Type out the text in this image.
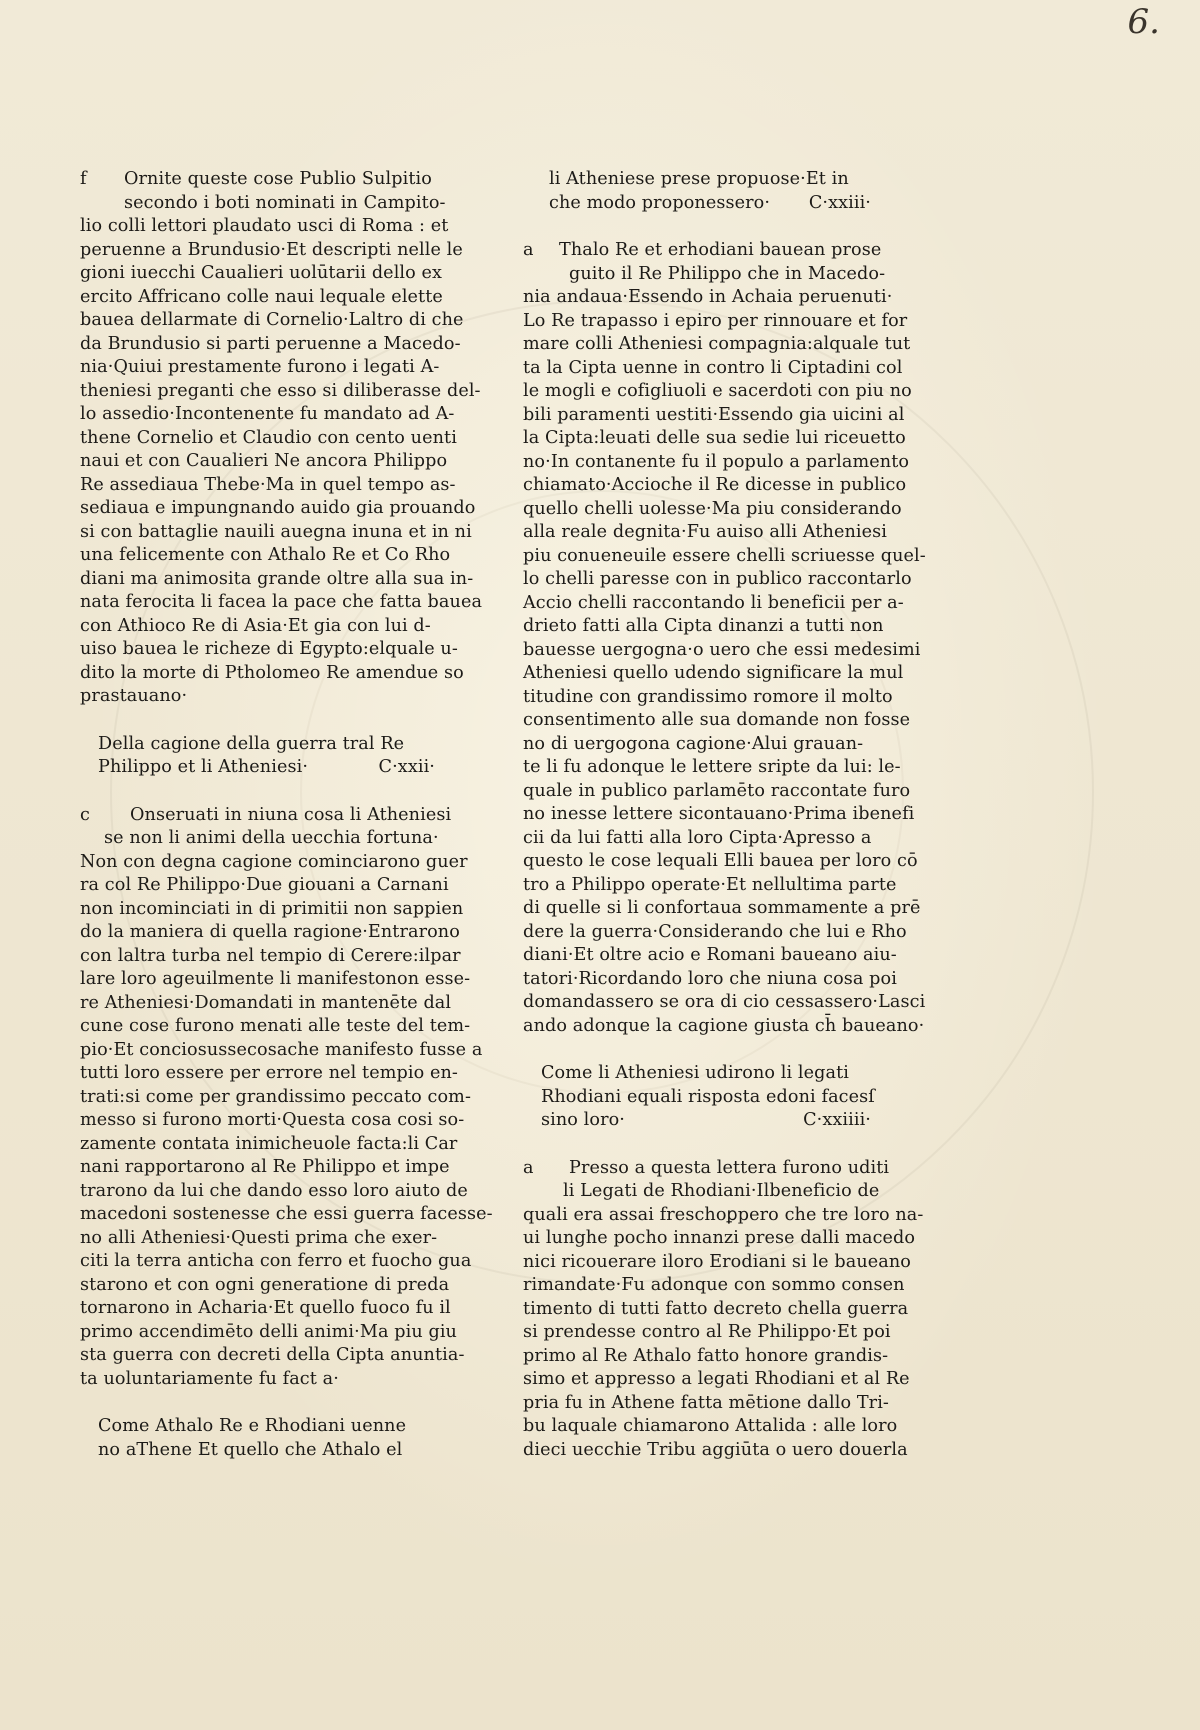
6.
f	Ornite queste cose Publio Sulpitio
secondo i boti nominati in Campito-
lio colli lettori plaudato usci di Roma : et
peruenne a Brundusio·Et descripti nelle le
gioni iuecchi Caualieri uolūtarii dello ex
ercito Affricano colle naui lequale elette
bauea dellarmate di Cornelio·Laltro di che
da Brundusio si parti peruenne a Macedo-
nia·Quiui prestamente furono i legati A-
theniesi preganti che esso si diliberasse del-
lo assedio·Incontenente fu mandato ad A-
thene Cornelio et Claudio con cento uenti
naui et con Caualieri Ne ancora Philippo
Re assediaua Thebe·Ma in quel tempo as-
sediaua e impungnando auido gia prouando
si con battaglie nauili auegna inuna et in ni
una felicemente con Athalo Re et Co Rho
diani ma animosita grande oltre alla sua in-
nata ferocita li facea la pace che fatta bauea
con Athioco Re di Asia·Et gia con lui d-
uiso bauea le richeze di Egypto:elquale u-
dito la morte di Ptholomeo Re amendue so
prastauano·
Della cagione della guerra tral Re
Philippo et li Atheniesi·	C·xxii·
c	Onseruati in niuna cosa li Atheniesi
se non li animi della uecchia fortuna·
Non con degna cagione cominciarono guer
ra col Re Philippo·Due giouani a Carnani
non incominciati in di primitii non sappien
do la maniera di quella ragione·Entrarono
con laltra turba nel tempio di Cerere:ilpar
lare loro ageuilmente li manifestonon esse-
re Atheniesi·Domandati in mantenēte dal
cune cose furono menati alle teste del tem-
pio·Et conciosussecosache manifesto fusse a
tutti loro essere per errore nel tempio en-
trati:si come per grandissimo peccato com-
messo si furono morti·Questa cosa cosi so-
zamente contata inimicheuole facta:li Car
nani rapportarono al Re Philippo et impe
trarono da lui che dando esso loro aiuto de
macedoni sostenesse che essi guerra facesse-
no alli Atheniesi·Questi prima che exer-
citi la terra anticha con ferro et fuocho gua
starono et con ogni generatione di preda
tornarono in Acharia·Et quello fuoco fu il
primo accendimēto delli animi·Ma piu giu
sta guerra con decreti della Cipta anuntia-
ta uoluntariamente fu fact a·
Come Athalo Re e Rhodiani uenne
no aThene Et quello che Athalo el
li Atheniese prese propuose·Et in
che modo proponessero· C·xxiii·
a	Thalo Re et erhodiani bauean prose
guito il Re Philippo che in Macedo-
nia andaua·Essendo in Achaia peruenuti·
Lo Re trapasso i epiro per rinnouare et for
mare colli Atheniesi compagnia:alquale tut
ta la Cipta uenne in contro li Ciptadini col
le mogli e cofigliuoli e sacerdoti con piu no
bili paramenti uestiti·Essendo gia uicini al
la Cipta:leuati delle sua sedie lui riceuetto
no·In contanente fu il populo a parlamento
chiamato·Accioche il Re dicesse in publico
quello chelli uolesse·Ma piu considerando
alla reale degnita·Fu auiso alli Atheniesi
piu conueneuile essere chelli scriuesse quel-
lo chelli paresse con in publico raccontarlo
Accio chelli raccontando li beneficii per a-
drieto fatti alla Cipta dinanzi a tutti non
bauesse uergogna·o uero che essi medesimi
Atheniesi quello udendo significare la mul
titudine con grandissimo romore il molto
consentimento alle sua domande non fosse
no di uergogona cagione·Alui grauan-
te li fu adonque le lettere sripte da lui: le-
quale in publico parlamēto raccontate furo
no inesse lettere sicontauano·Prima ibenefi
cii da lui fatti alla loro Cipta·Apresso a
questo le cose lequali Elli bauea per loro cō
tro a Philippo operate·Et nellultima parte
di quelle si li confortaua sommamente a prē
dere la guerra·Considerando che lui e Rho
diani·Et oltre acio e Romani baueano aiu-
tatori·Ricordando loro che niuna cosa poi
domandassero se ora di cio cessassero·Lasci
ando adonque la cagione giusta ch̄ baueano·
Come li Atheniesi udirono li legati
Rhodiani equali risposta edoni facesſ
sino loro·	C·xxiiii·
a	Presso a questa lettera furono uditi
li Legati de Rhodiani·Ilbeneficio de
quali era assai freschoꝑpero che tre loro na-
ui lunghe pocho innanzi prese dalli macedo
nici ricouerare iloro Erodiani si le baueano
rimandate·Fu adonque con sommo consen
timento di tutti fatto decreto chella guerra
si prendesse contro al Re Philippo·Et poi
primo al Re Athalo fatto honore grandis-
simo et appresso a legati Rhodiani et al Re
pria fu in Athene fatta mētione dallo Tri-
bu laquale chiamarono Attalida : alle loro
dieci uecchie Tribu aggiūta o uero douerla
